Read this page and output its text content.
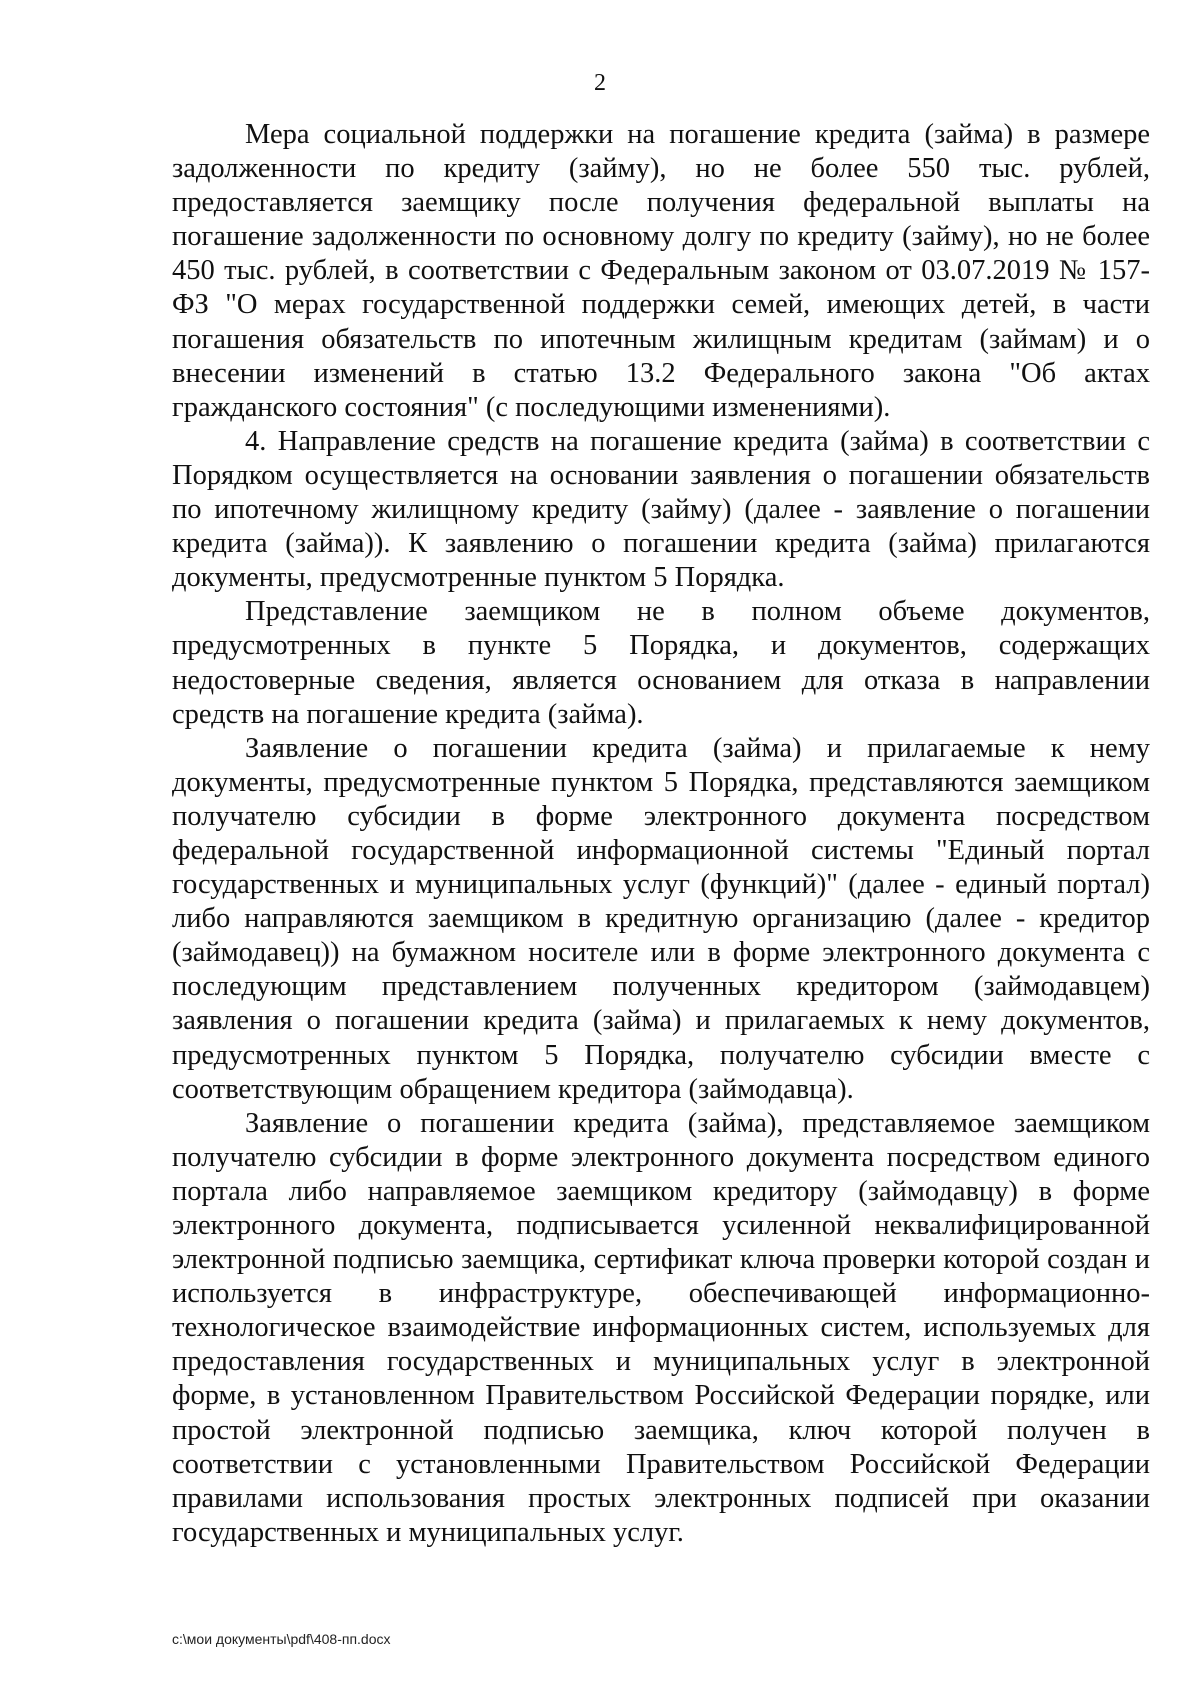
2

Мера социальной поддержки на погашение кредита (займа) в размере задолженности по кредиту (займу), но не более 550 тыс. рублей, предоставляется заемщику после получения федеральной выплаты на погашение задолженности по основному долгу по кредиту (займу), но не более 450 тыс. рублей, в соответствии с Федеральным законом от 03.07.2019 № 157-ФЗ "О мерах государственной поддержки семей, имеющих детей, в части погашения обязательств по ипотечным жилищным кредитам (займам) и о внесении изменений в статью 13.2 Федерального закона "Об актах гражданского состояния" (с последующими изменениями).

4. Направление средств на погашение кредита (займа) в соответствии с Порядком осуществляется на основании заявления о погашении обязательств по ипотечному жилищному кредиту (займу) (далее - заявление о погашении кредита (займа)). К заявлению о погашении кредита (займа) прилагаются документы, предусмотренные пунктом 5 Порядка.

Представление заемщиком не в полном объеме документов, предусмотренных в пункте 5 Порядка, и документов, содержащих недостоверные сведения, является основанием для отказа в направлении средств на погашение кредита (займа).

Заявление о погашении кредита (займа) и прилагаемые к нему документы, предусмотренные пунктом 5 Порядка, представляются заемщиком получателю субсидии в форме электронного документа посредством федеральной государственной информационной системы "Единый портал государственных и муниципальных услуг (функций)" (далее - единый портал) либо направляются заемщиком в кредитную организацию (далее - кредитор (займодавец)) на бумажном носителе или в форме электронного документа с последующим представлением полученных кредитором (займодавцем) заявления о погашении кредита (займа) и прилагаемых к нему документов, предусмотренных пунктом 5 Порядка, получателю субсидии вместе с соответствующим обращением кредитора (займодавца).

Заявление о погашении кредита (займа), представляемое заемщиком получателю субсидии в форме электронного документа посредством единого портала либо направляемое заемщиком кредитору (займодавцу) в форме электронного документа, подписывается усиленной неквалифицированной электронной подписью заемщика, сертификат ключа проверки которой создан и используется в инфраструктуре, обеспечивающей информационно-технологическое взаимодействие информационных систем, используемых для предоставления государственных и муниципальных услуг в электронной форме, в установленном Правительством Российской Федерации порядке, или простой электронной подписью заемщика, ключ которой получен в соответствии с установленными Правительством Российской Федерации правилами использования простых электронных подписей при оказании государственных и муниципальных услуг.

c:\мои документы\pdf\408-пп.docx
